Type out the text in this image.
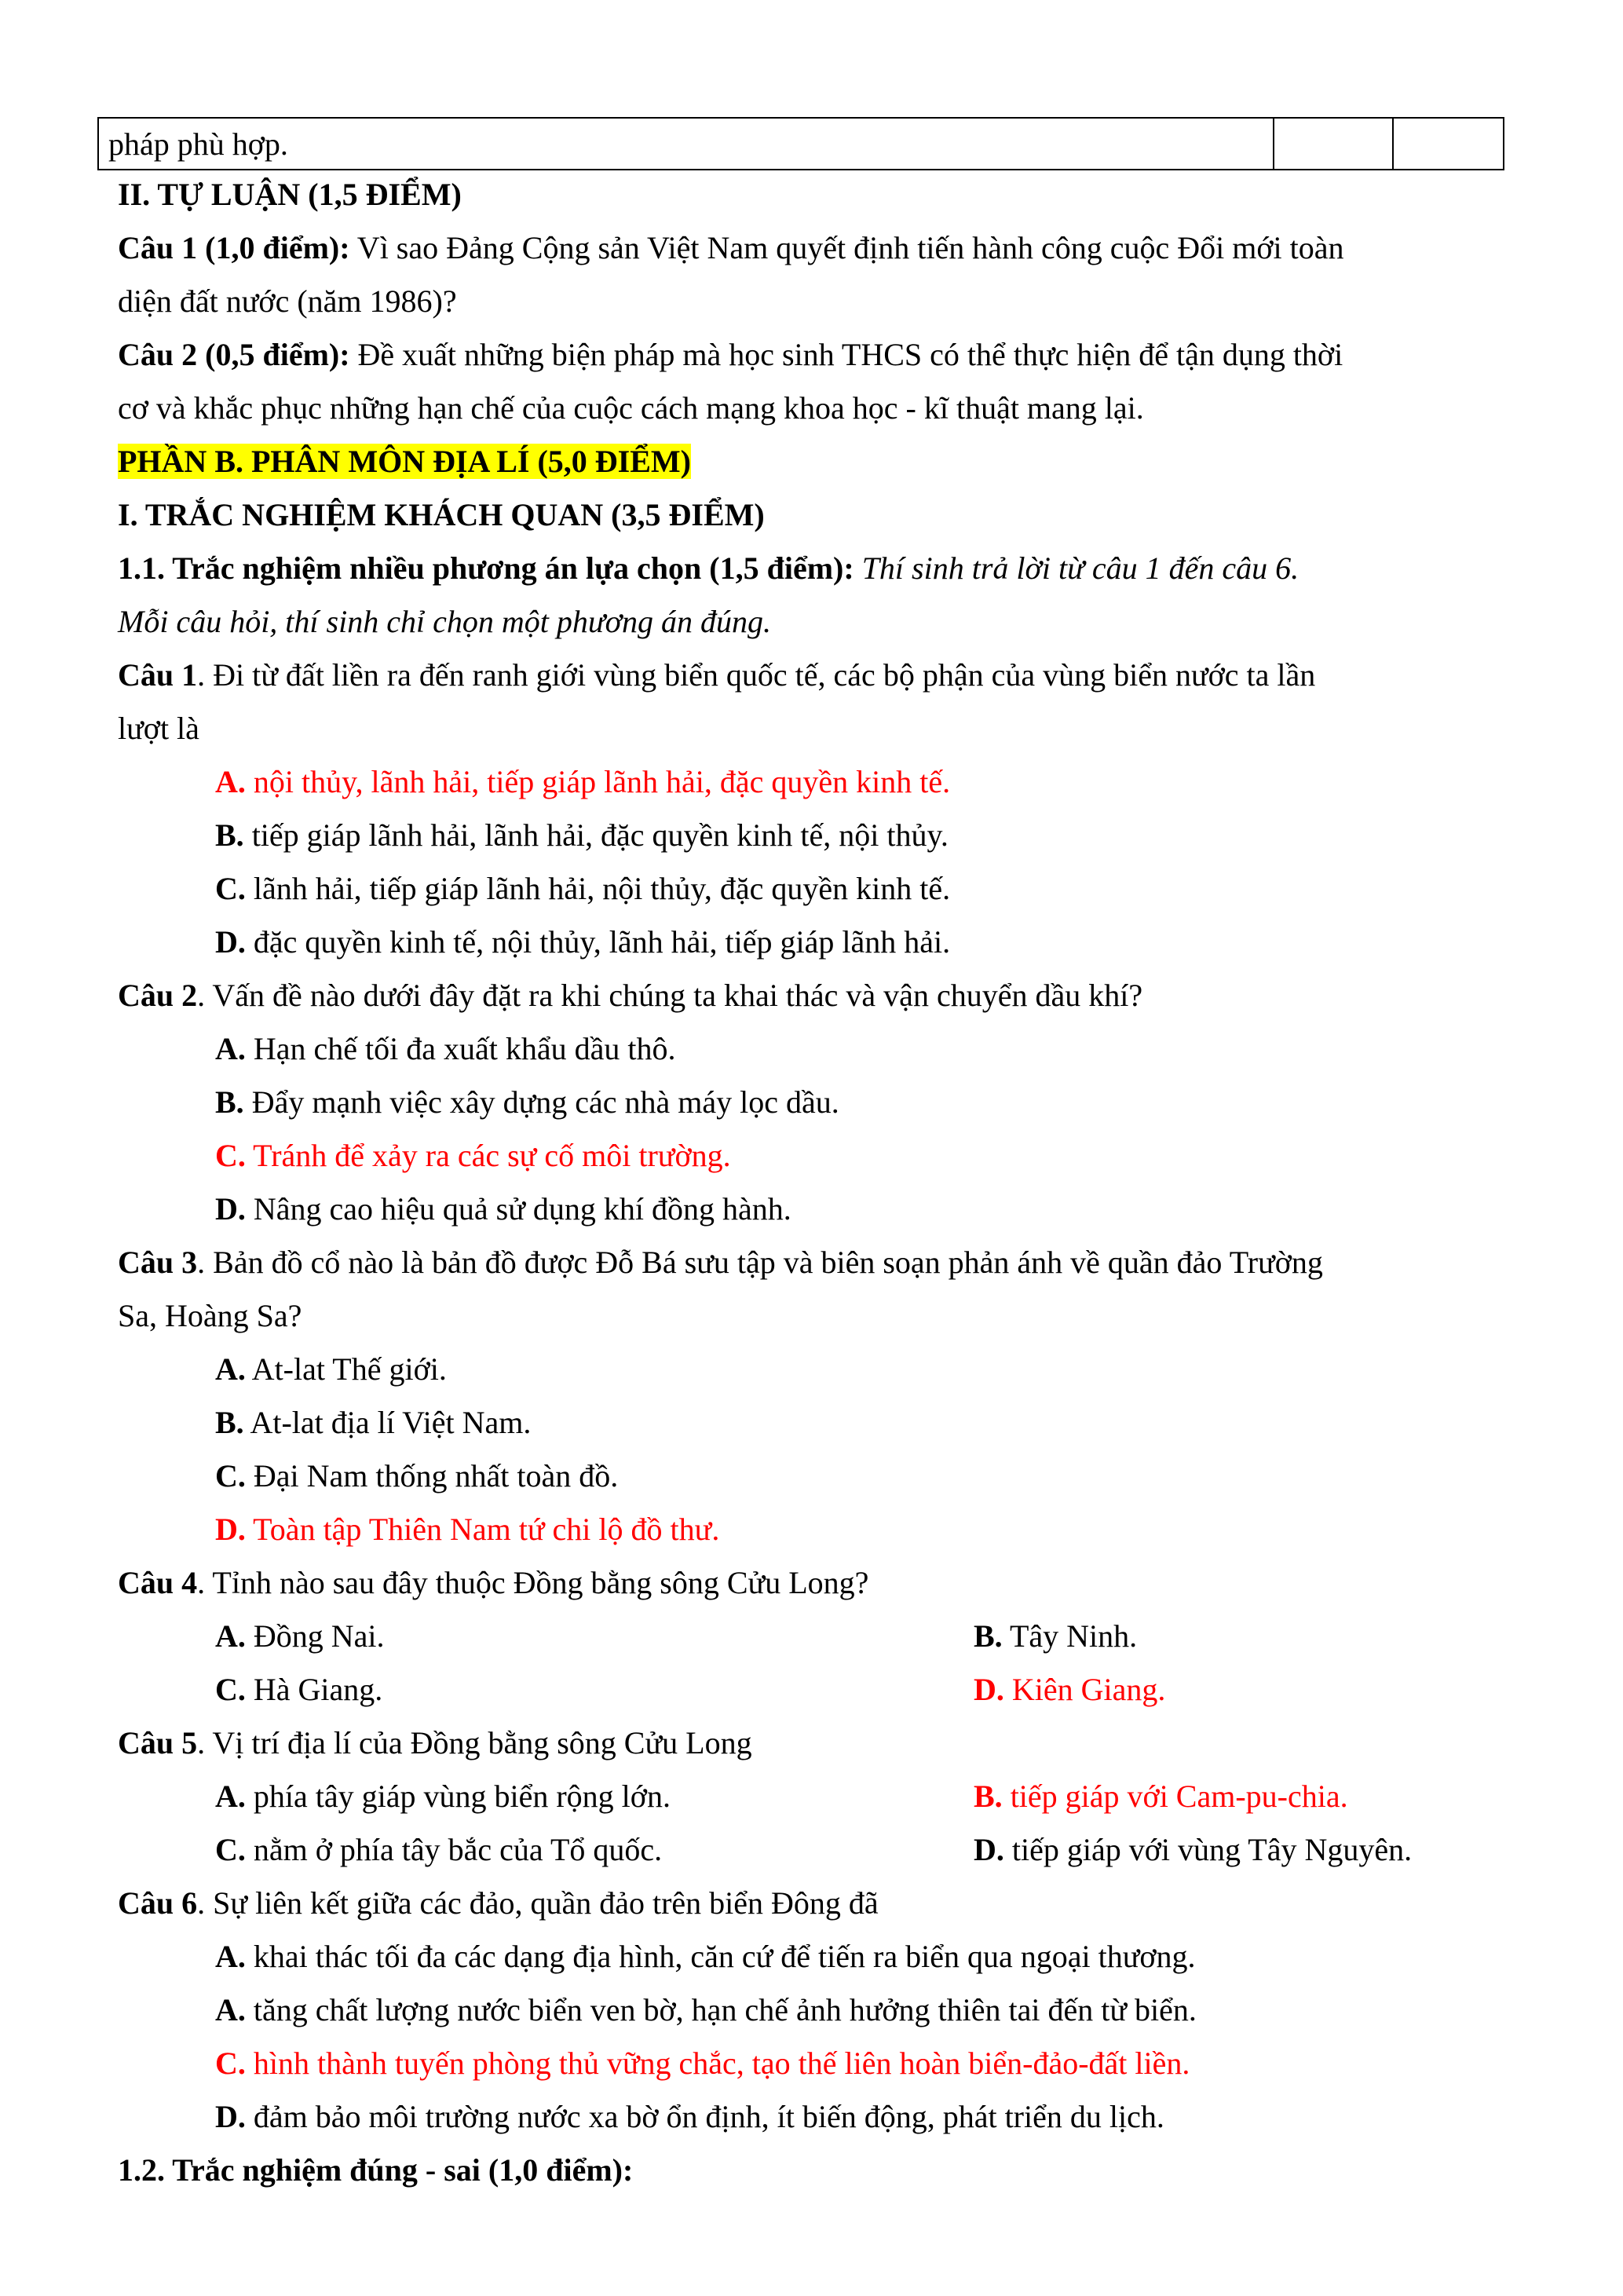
pháp phù hợp.		
II. TỰ LUẬN (1,5 ĐIỂM)
Câu 1 (1,0 điểm): Vì sao Đảng Cộng sản Việt Nam quyết định tiến hành công cuộc Đổi mới toàn
diện đất nước (năm 1986)?
Câu 2 (0,5 điểm): Đề xuất những biện pháp mà học sinh THCS có thể thực hiện để tận dụng thời
cơ và khắc phục những hạn chế của cuộc cách mạng khoa học - kĩ thuật mang lại.
PHẦN B. PHÂN MÔN ĐỊA LÍ (5,0 ĐIỂM)
I. TRẮC NGHIỆM KHÁCH QUAN (3,5 ĐIỂM)
1.1. Trắc nghiệm nhiều phương án lựa chọn (1,5 điểm): Thí sinh trả lời từ câu 1 đến câu 6.
Mỗi câu hỏi, thí sinh chỉ chọn một phương án đúng.
Câu 1. Đi từ đất liền ra đến ranh giới vùng biển quốc tế, các bộ phận của vùng biển nước ta lần
lượt là
A. nội thủy, lãnh hải, tiếp giáp lãnh hải, đặc quyền kinh tế.
B. tiếp giáp lãnh hải, lãnh hải, đặc quyền kinh tế, nội thủy.
C. lãnh hải, tiếp giáp lãnh hải, nội thủy, đặc quyền kinh tế.
D. đặc quyền kinh tế, nội thủy, lãnh hải, tiếp giáp lãnh hải.
Câu 2. Vấn đề nào dưới đây đặt ra khi chúng ta khai thác và vận chuyển dầu khí?
A. Hạn chế tối đa xuất khẩu dầu thô.
B. Đẩy mạnh việc xây dựng các nhà máy lọc dầu.
C. Tránh để xảy ra các sự cố môi trường.
D. Nâng cao hiệu quả sử dụng khí đồng hành.
Câu 3. Bản đồ cổ nào là bản đồ được Đỗ Bá sưu tập và biên soạn phản ánh về quần đảo Trường
Sa, Hoàng Sa?
A. At-lat Thế giới.
B. At-lat địa lí Việt Nam.
C. Đại Nam thống nhất toàn đồ.
D. Toàn tập Thiên Nam tứ chi lộ đồ thư.
Câu 4. Tỉnh nào sau đây thuộc Đồng bằng sông Cửu Long?
A. Đồng Nai.	B. Tây Ninh.
C. Hà Giang.	D. Kiên Giang.
Câu 5. Vị trí địa lí của Đồng bằng sông Cửu Long
A. phía tây giáp vùng biển rộng lớn.	B. tiếp giáp với Cam-pu-chia.
C. nằm ở phía tây bắc của Tổ quốc.	D. tiếp giáp với vùng Tây Nguyên.
Câu 6. Sự liên kết giữa các đảo, quần đảo trên biển Đông đã
A. khai thác tối đa các dạng địa hình, căn cứ để tiến ra biển qua ngoại thương.
A. tăng chất lượng nước biển ven bờ, hạn chế ảnh hưởng thiên tai đến từ biển.
C. hình thành tuyến phòng thủ vững chắc, tạo thế liên hoàn biển-đảo-đất liền.
D. đảm bảo môi trường nước xa bờ ổn định, ít biến động, phát triển du lịch.
1.2. Trắc nghiệm đúng - sai (1,0 điểm):
